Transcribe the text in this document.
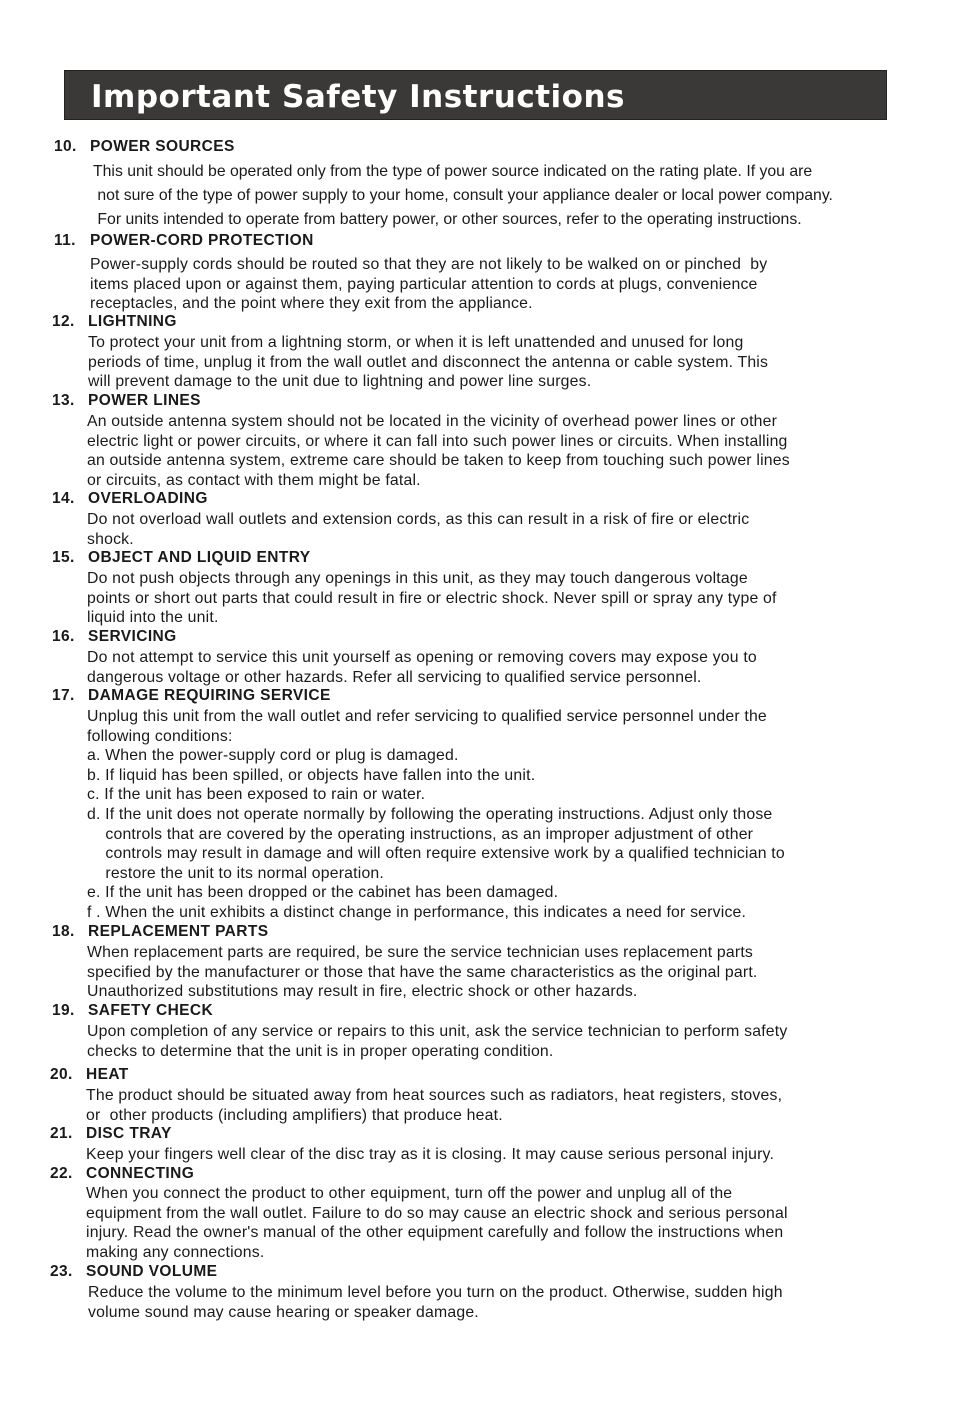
Important Safety Instructions
10. POWER SOURCES
This unit should be operated only from the type of power source indicated on the rating plate. If you are
not sure of the type of power supply to your home, consult your appliance dealer or local power company.
For units intended to operate from battery power, or other sources, refer to the operating instructions.
11. POWER-CORD PROTECTION
Power-supply cords should be routed so that they are not likely to be walked on or pinched  by
items placed upon or against them, paying particular attention to cords at plugs, convenience
receptacles, and the point where they exit from the appliance.
12. LIGHTNING
To protect your unit from a lightning storm, or when it is left unattended and unused for long
periods of time, unplug it from the wall outlet and disconnect the antenna or cable system. This
will prevent damage to the unit due to lightning and power line surges.
13. POWER LINES
An outside antenna system should not be located in the vicinity of overhead power lines or other
electric light or power circuits, or where it can fall into such power lines or circuits. When installing
an outside antenna system, extreme care should be taken to keep from touching such power lines
or circuits, as contact with them might be fatal.
14. OVERLOADING
Do not overload wall outlets and extension cords, as this can result in a risk of fire or electric
shock.
15. OBJECT AND LIQUID ENTRY
Do not push objects through any openings in this unit, as they may touch dangerous voltage
points or short out parts that could result in fire or electric shock. Never spill or spray any type of
liquid into the unit.
16. SERVICING
Do not attempt to service this unit yourself as opening or removing covers may expose you to
dangerous voltage or other hazards. Refer all servicing to qualified service personnel.
17. DAMAGE REQUIRING SERVICE
Unplug this unit from the wall outlet and refer servicing to qualified service personnel under the
following conditions:
a. When the power-supply cord or plug is damaged.
b. If liquid has been spilled, or objects have fallen into the unit.
c. If the unit has been exposed to rain or water.
d. If the unit does not operate normally by following the operating instructions. Adjust only those
controls that are covered by the operating instructions, as an improper adjustment of other
controls may result in damage and will often require extensive work by a qualified technician to
restore the unit to its normal operation.
e. If the unit has been dropped or the cabinet has been damaged.
f . When the unit exhibits a distinct change in performance, this indicates a need for service.
18. REPLACEMENT PARTS
When replacement parts are required, be sure the service technician uses replacement parts
specified by the manufacturer or those that have the same characteristics as the original part.
Unauthorized substitutions may result in fire, electric shock or other hazards.
19. SAFETY CHECK
Upon completion of any service or repairs to this unit, ask the service technician to perform safety
checks to determine that the unit is in proper operating condition.
20. HEAT
The product should be situated away from heat sources such as radiators, heat registers, stoves,
or  other products (including amplifiers) that produce heat.
21. DISC TRAY
Keep your fingers well clear of the disc tray as it is closing. It may cause serious personal injury.
22. CONNECTING
When you connect the product to other equipment, turn off the power and unplug all of the
equipment from the wall outlet. Failure to do so may cause an electric shock and serious personal
injury. Read the owner's manual of the other equipment carefully and follow the instructions when
making any connections.
23. SOUND VOLUME
Reduce the volume to the minimum level before you turn on the product. Otherwise, sudden high
volume sound may cause hearing or speaker damage.
